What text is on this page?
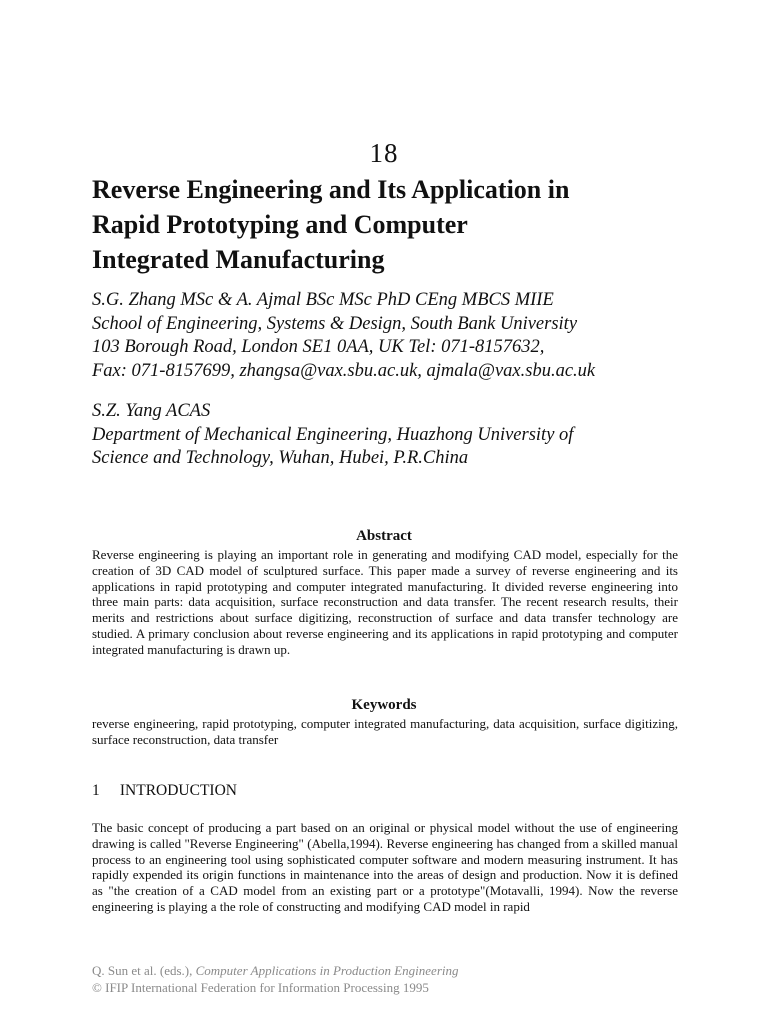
18
Reverse Engineering and Its Application in
Rapid Prototyping and Computer
Integrated Manufacturing
S.G. Zhang MSc & A. Ajmal BSc MSc PhD CEng MBCS MIIE
School of Engineering, Systems & Design, South Bank University
103 Borough Road, London SE1 0AA, UK Tel: 071-8157632,
Fax: 071-8157699, zhangsa@vax.sbu.ac.uk, ajmala@vax.sbu.ac.uk
S.Z. Yang ACAS
Department of Mechanical Engineering, Huazhong University of
Science and Technology, Wuhan, Hubei, P.R.China
Abstract
Reverse engineering is playing an important role in generating and modifying CAD model, especially for the creation of 3D CAD model of sculptured surface. This paper made a survey of reverse engineering and its applications in rapid prototyping and computer integrated manufacturing. It divided reverse engineering into three main parts: data acquisition, surface reconstruction and data transfer. The recent research results, their merits and restrictions about surface digitizing, reconstruction of surface and data transfer technology are studied. A primary conclusion about reverse engineering and its applications in rapid prototyping and computer integrated manufacturing is drawn up.
Keywords
reverse engineering, rapid prototyping, computer integrated manufacturing, data acquisition, surface digitizing, surface reconstruction, data transfer
1 INTRODUCTION
The basic concept of producing a part based on an original or physical model without the use of engineering drawing is called "Reverse Engineering" (Abella,1994). Reverse engineering has changed from a skilled manual process to an engineering tool using sophisticated computer software and modern measuring instrument. It has rapidly expended its origin functions in maintenance into the areas of design and production. Now it is defined as "the creation of a CAD model from an existing part or a prototype"(Motavalli, 1994). Now the reverse engineering is playing a the role of constructing and modifying CAD model in rapid
Q. Sun et al. (eds.), Computer Applications in Production Engineering
© IFIP International Federation for Information Processing 1995
